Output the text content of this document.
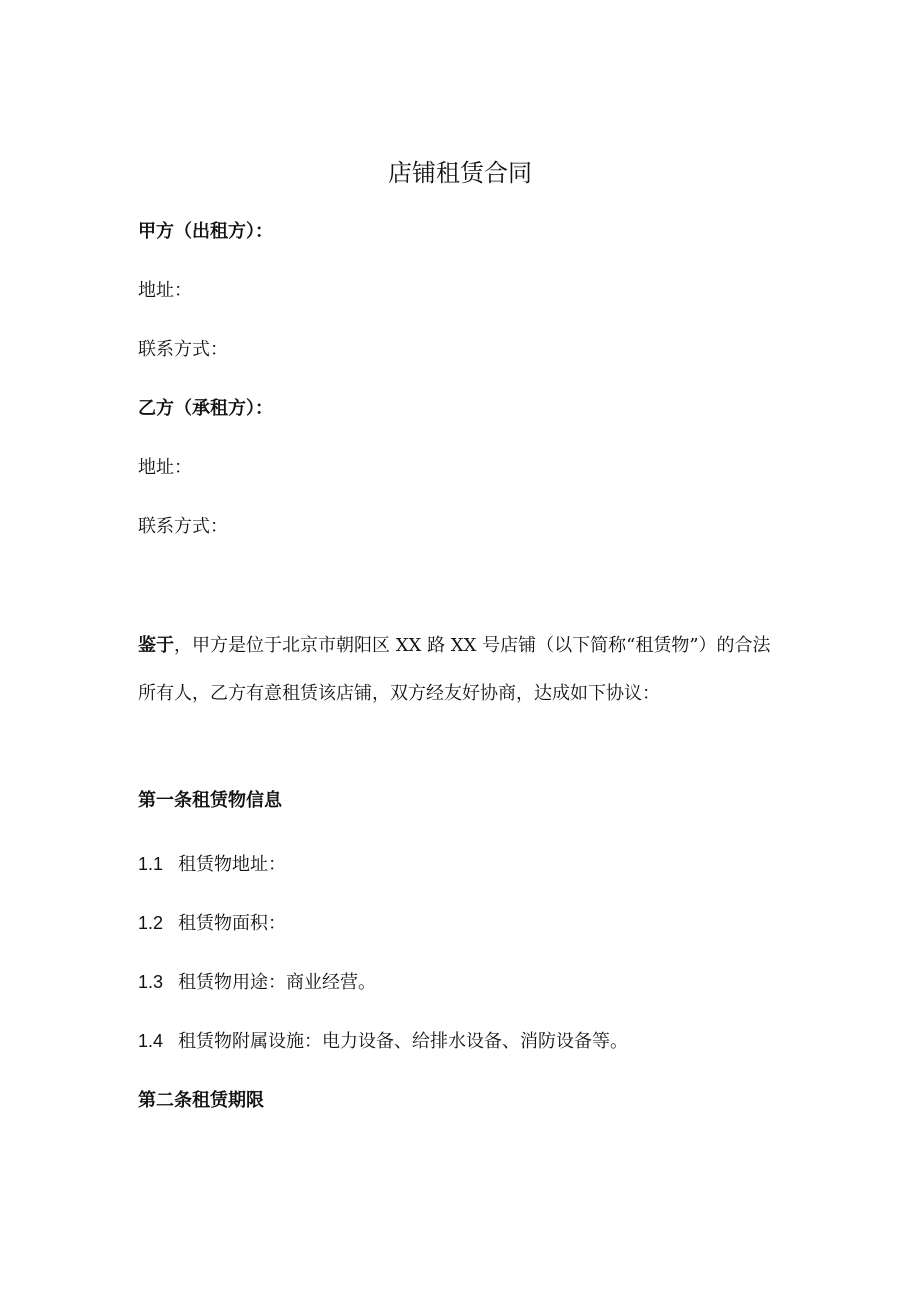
店铺租赁合同

甲方（出租方）：

地址：

联系方式：

乙方（承租方）：

地址：

联系方式：

鉴于，甲方是位于北京市朝阳区 XX 路 XX 号店铺（以下简称“租赁物”）的合法所有人，乙方有意租赁该店铺，双方经友好协商，达成如下协议：

第一条租赁物信息

1.1 租赁物地址：

1.2 租赁物面积：

1.3 租赁物用途：商业经营。

1.4 租赁物附属设施：电力设备、给排水设备、消防设备等。

第二条租赁期限
